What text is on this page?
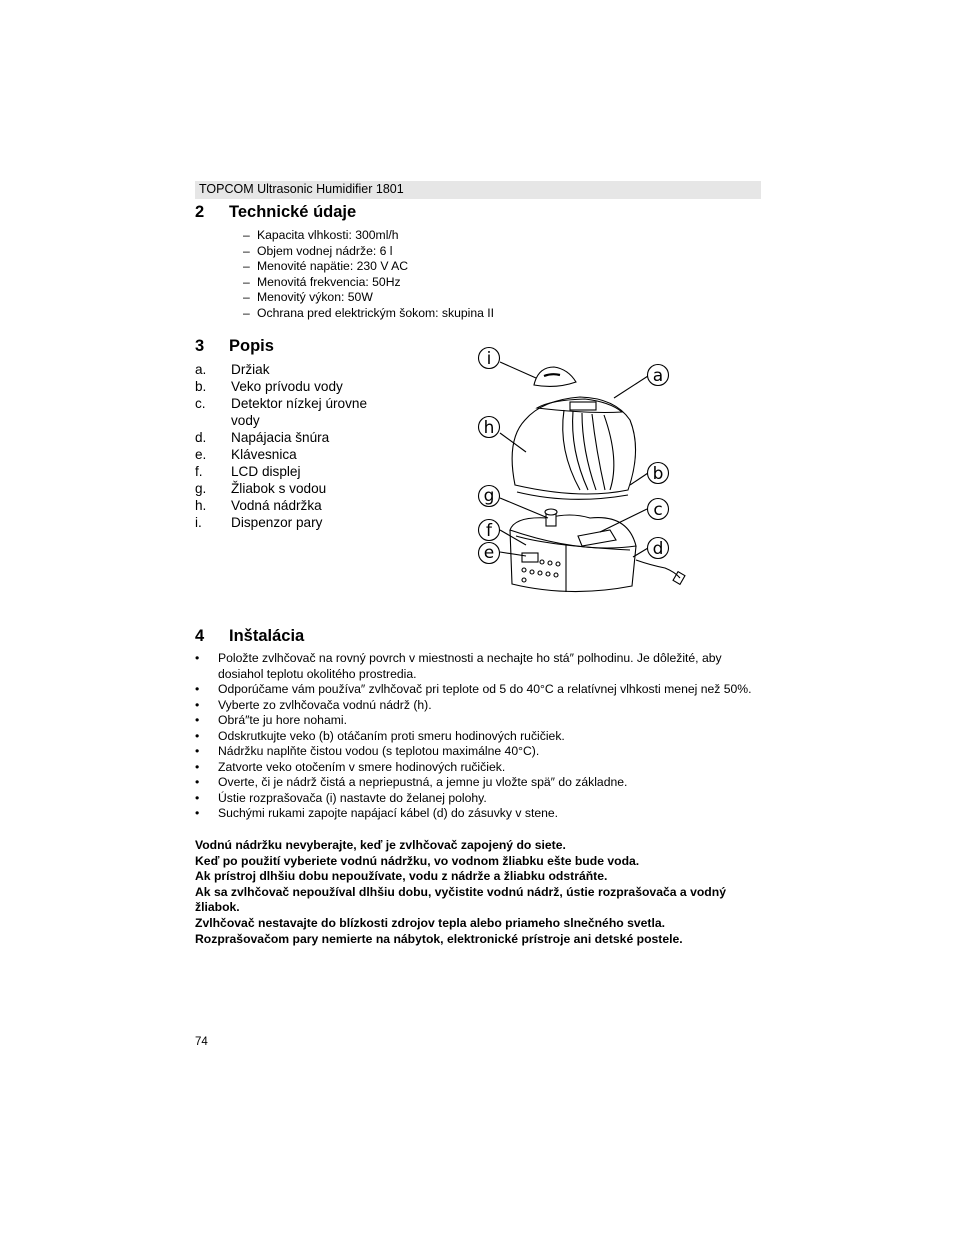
TOPCOM Ultrasonic Humidifier 1801
2 Technické údaje
– Kapacita vlhkosti: 300ml/h
– Objem vodnej nádrže: 6 l
– Menovité napätie: 230 V AC
– Menovitá frekvencia: 50Hz
– Menovitý výkon: 50W
– Ochrana pred elektrickým šokom: skupina II
3 Popis
a.	Držiak
b.	Veko prívodu vody
c.	Detektor nízkej úrovne vody
d.	Napájacia šnúra
e.	Klávesnica
f.	LCD displej
g.	Žliabok s vodou
h.	Vodná nádržka
i.	Dispenzor pary
i
a
h
b
g
c
f
e	d
4 Inštalácia
•	Položte zvlhčovač na rovný povrch v miestnosti a nechajte ho stá″ polhodinu. Je dôležité, aby dosiahol teplotu okolitého prostredia.
•	Odporúčame vám používa″ zvlhčovač pri teplote od 5 do 40°C a relatívnej vlhkosti menej než 50%.
•	Vyberte zo zvlhčovača vodnú nádrž (h).
•	Obrá″te ju hore nohami.
•	Odskrutkujte veko (b) otáčaním proti smeru hodinových ručičiek.
•	Nádržku naplňte čistou vodou (s teplotou maximálne 40°C).
•	Zatvorte veko otočením v smere hodinových ručičiek.
•	Overte, či je nádrž čistá a nepriepustná, a jemne ju vložte spä″ do základne.
•	Ústie rozprašovača (i) nastavte do želanej polohy.
•	Suchými rukami zapojte napájací kábel (d) do zásuvky v stene.
Vodnú nádržku nevyberajte, keď je zvlhčovač zapojený do siete.
Keď po použití vyberiete vodnú nádržku, vo vodnom žliabku ešte bude voda.
Ak prístroj dlhšiu dobu nepoužívate, vodu z nádrže a žliabku odstráňte.
Ak sa zvlhčovač nepoužíval dlhšiu dobu, vyčistite vodnú nádrž, ústie rozprašovača a vodný žliabok.
Zvlhčovač nestavajte do blízkosti zdrojov tepla alebo priameho slnečného svetla.
Rozprašovačom pary nemierte na nábytok, elektronické prístroje ani detské postele.
74
